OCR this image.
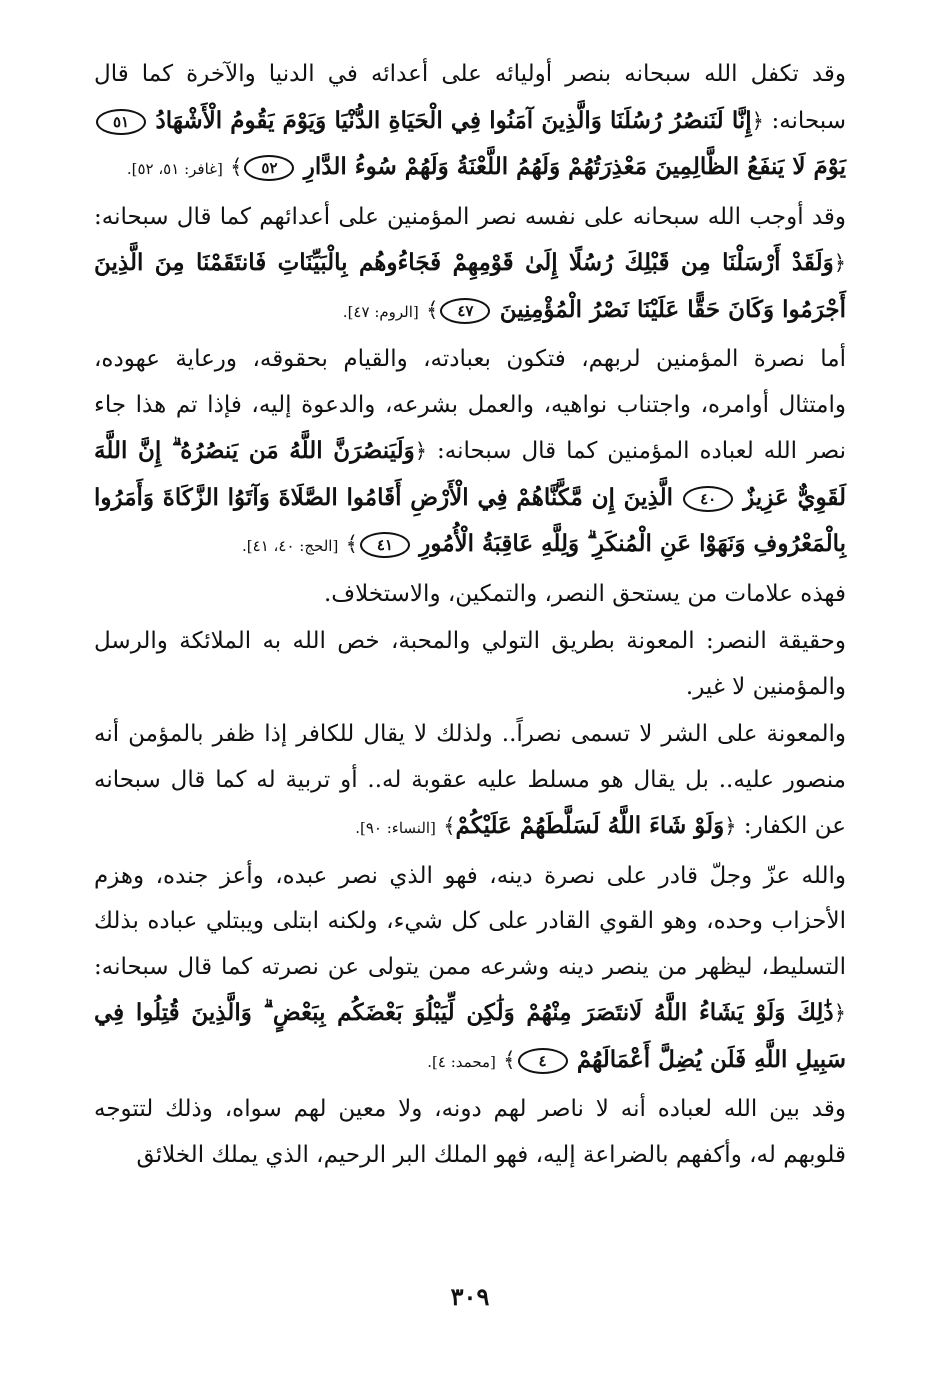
وقد تكفل الله سبحانه بنصر أوليائه على أعدائه في الدنيا والآخرة كما قال سبحانه: ﴿إِنَّا لَنَنصُرُ رُسُلَنَا وَالَّذِينَ آمَنُوا فِي الْحَيَاةِ الدُّنْيَا وَيَوْمَ يَقُومُ الْأَشْهَادُ ٥١ يَوْمَ لَا يَنفَعُ الظَّالِمِينَ مَعْذِرَتُهُمْ وَلَهُمُ اللَّعْنَةُ وَلَهُمْ سُوءُ الدَّارِ ٥٢﴾ [غافر: ٥١، ٥٢].

وقد أوجب الله سبحانه على نفسه نصر المؤمنين على أعدائهم كما قال سبحانه: ﴿وَلَقَدْ أَرْسَلْنَا مِن قَبْلِكَ رُسُلًا إِلَىٰ قَوْمِهِمْ فَجَاءُوهُم بِالْبَيِّنَاتِ فَانتَقَمْنَا مِنَ الَّذِينَ أَجْرَمُوا وَكَانَ حَقًّا عَلَيْنَا نَصْرُ الْمُؤْمِنِينَ ٤٧﴾ [الروم: ٤٧].

أما نصرة المؤمنين لربهم، فتكون بعبادته، والقيام بحقوقه، ورعاية عهوده، وامتثال أوامره، واجتناب نواهيه، والعمل بشرعه، والدعوة إليه، فإذا تم هذا جاء نصر الله لعباده المؤمنين كما قال سبحانه: ﴿وَلَيَنصُرَنَّ اللَّهُ مَن يَنصُرُهُ ۗ إِنَّ اللَّهَ لَقَوِيٌّ عَزِيزٌ ٤٠ الَّذِينَ إِن مَّكَّنَّاهُمْ فِي الْأَرْضِ أَقَامُوا الصَّلَاةَ وَآتَوُا الزَّكَاةَ وَأَمَرُوا بِالْمَعْرُوفِ وَنَهَوْا عَنِ الْمُنكَرِ ۗ وَلِلَّهِ عَاقِبَةُ الْأُمُورِ ٤١﴾ [الحج: ٤٠، ٤١].

فهذه علامات من يستحق النصر، والتمكين، والاستخلاف.

وحقيقة النصر: المعونة بطريق التولي والمحبة، خص الله به الملائكة والرسل والمؤمنين لا غير.

والمعونة على الشر لا تسمى نصراً.. ولذلك لا يقال للكافر إذا ظفر بالمؤمن أنه منصور عليه.. بل يقال هو مسلط عليه عقوبة له.. أو تربية له كما قال سبحانه عن الكفار: ﴿وَلَوْ شَاءَ اللَّهُ لَسَلَّطَهُمْ عَلَيْكُمْ﴾ [النساء: ٩٠].

والله عزّ وجلّ قادر على نصرة دينه، فهو الذي نصر عبده، وأعز جنده، وهزم الأحزاب وحده، وهو القوي القادر على كل شيء، ولكنه ابتلى ويبتلي عباده بذلك التسليط، ليظهر من ينصر دينه وشرعه ممن يتولى عن نصرته كما قال سبحانه: ﴿ذَٰلِكَ وَلَوْ يَشَاءُ اللَّهُ لَانتَصَرَ مِنْهُمْ وَلَٰكِن لِّيَبْلُوَ بَعْضَكُم بِبَعْضٍ ۗ وَالَّذِينَ قُتِلُوا فِي سَبِيلِ اللَّهِ فَلَن يُضِلَّ أَعْمَالَهُمْ ٤﴾ [محمد: ٤].

وقد بين الله لعباده أنه لا ناصر لهم دونه، ولا معين لهم سواه، وذلك لتتوجه قلوبهم له، وأكفهم بالضراعة إليه، فهو الملك البر الرحيم، الذي يملك الخلائق

٣٠٩
